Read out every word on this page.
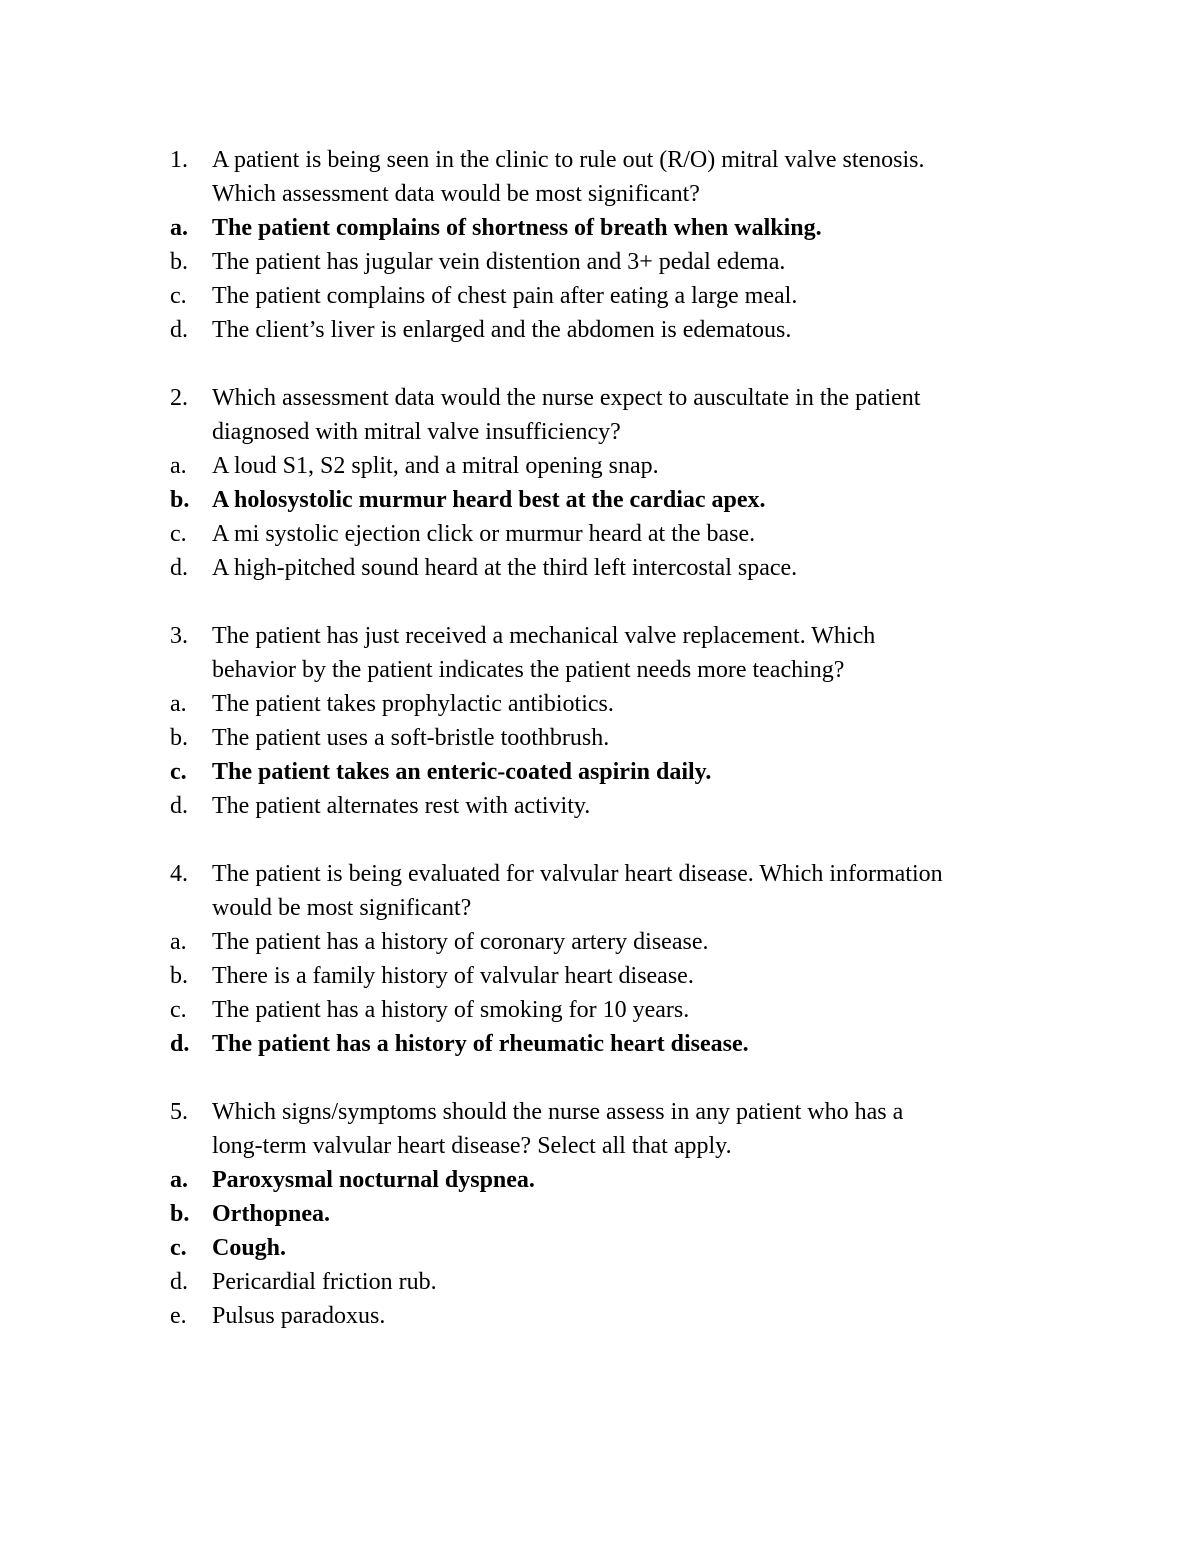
1.	A patient is being seen in the clinic to rule out (R/O) mitral valve stenosis.
Which assessment data would be most significant?
a.	The patient complains of shortness of breath when walking.
b.	The patient has jugular vein distention and 3+ pedal edema.
c.	The patient complains of chest pain after eating a large meal.
d.	The client’s liver is enlarged and the abdomen is edematous.
2.	Which assessment data would the nurse expect to auscultate in the patient
diagnosed with mitral valve insufficiency?
a.	A loud S1, S2 split, and a mitral opening snap.
b. A holosystolic murmur heard best at the cardiac apex.
c.	A mi systolic ejection click or murmur heard at the base.
d.	A high-pitched sound heard at the third left intercostal space.
3.	The patient has just received a mechanical valve replacement. Which
behavior by the patient indicates the patient needs more teaching?
a.	The patient takes prophylactic antibiotics.
b.	The patient uses a soft-bristle toothbrush.
c.	The patient takes an enteric-coated aspirin daily.
d.	The patient alternates rest with activity.
4.	The patient is being evaluated for valvular heart disease. Which information
would be most significant?
a.	The patient has a history of coronary artery disease.
b.	There is a family history of valvular heart disease.
c.	The patient has a history of smoking for 10 years.
d. The patient has a history of rheumatic heart disease.
5.	Which signs/symptoms should the nurse assess in any patient who has a
long-term valvular heart disease? Select all that apply.
a.	Paroxysmal nocturnal dyspnea.
b. Orthopnea.
c.	Cough.
d.	Pericardial friction rub.
e.	Pulsus paradoxus.
